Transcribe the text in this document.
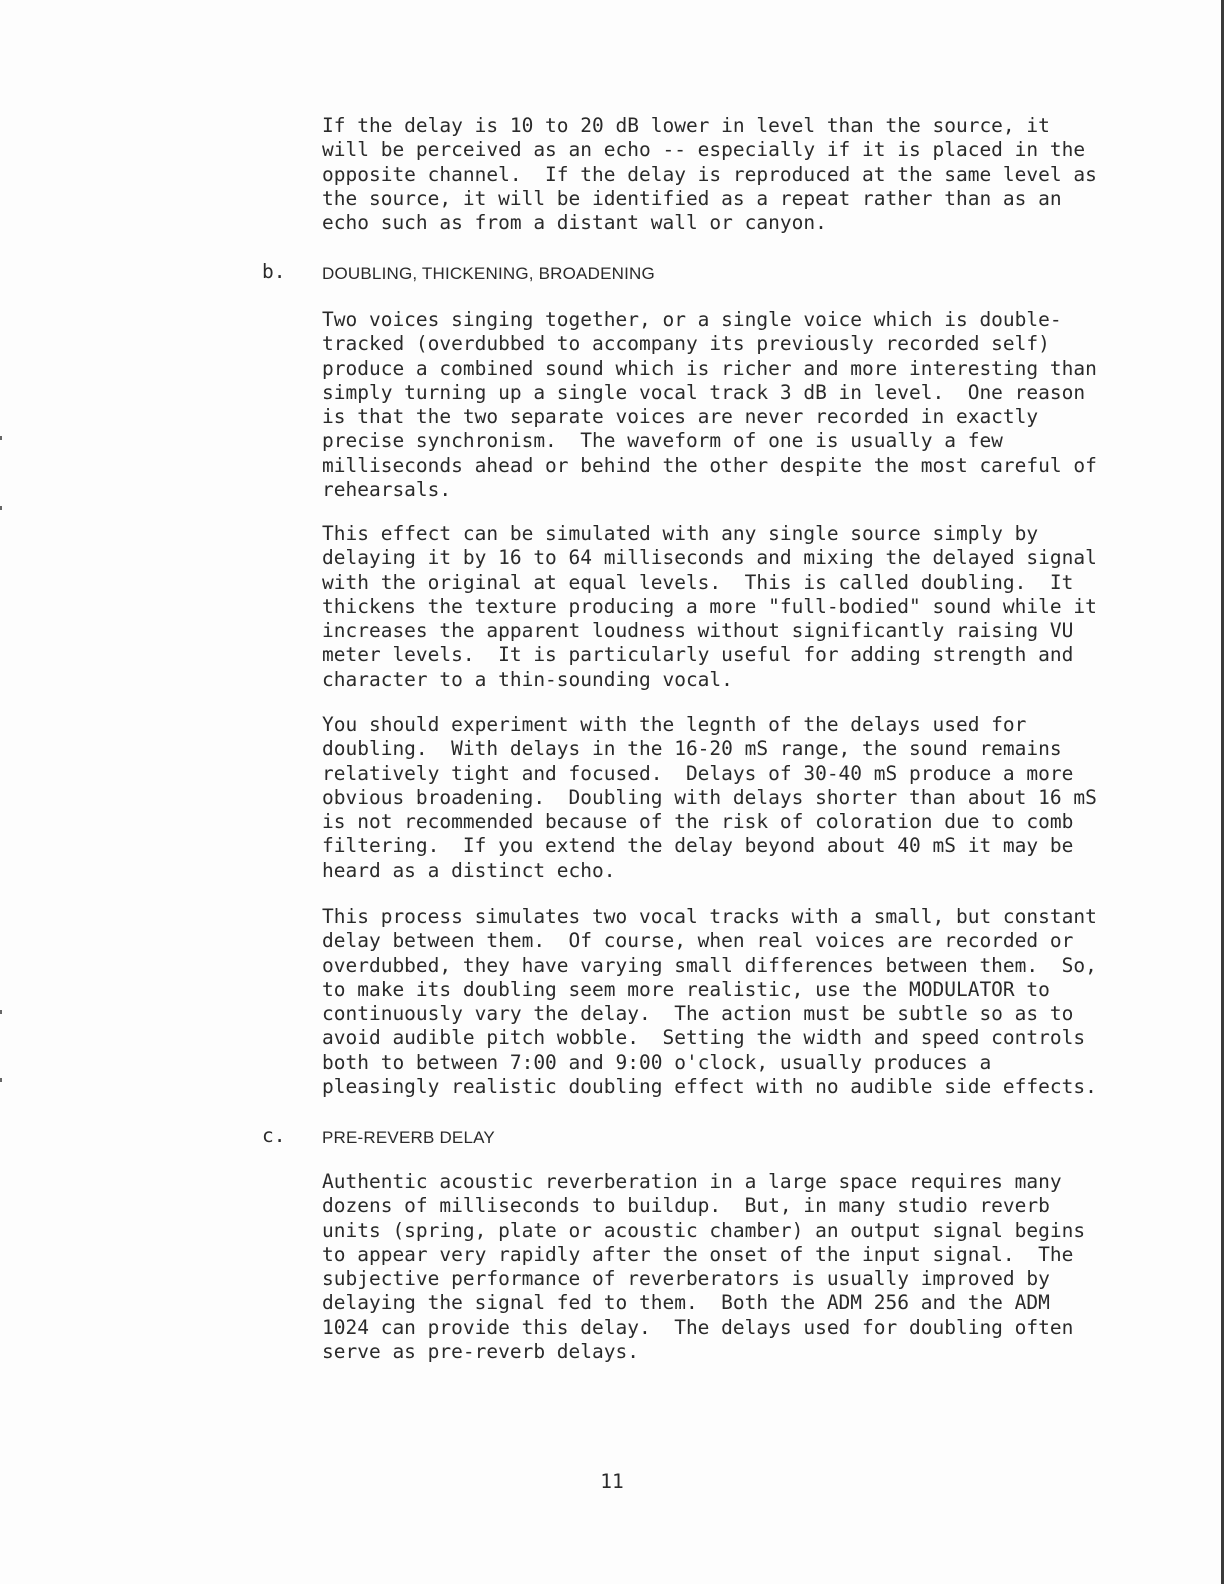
If the delay is 10 to 20 dB lower in level than the source, it
will be perceived as an echo -- especially if it is placed in the
opposite channel.  If the delay is reproduced at the same level as
the source, it will be identified as a repeat rather than as an
echo such as from a distant wall or canyon.

b. DOUBLING, THICKENING, BROADENING

Two voices singing together, or a single voice which is double-
tracked (overdubbed to accompany its previously recorded self)
produce a combined sound which is richer and more interesting than
simply turning up a single vocal track 3 dB in level.  One reason
is that the two separate voices are never recorded in exactly
precise synchronism.  The waveform of one is usually a few
milliseconds ahead or behind the other despite the most careful of
rehearsals.

This effect can be simulated with any single source simply by
delaying it by 16 to 64 milliseconds and mixing the delayed signal
with the original at equal levels.  This is called doubling.  It
thickens the texture producing a more "full-bodied" sound while it
increases the apparent loudness without significantly raising VU
meter levels.  It is particularly useful for adding strength and
character to a thin-sounding vocal.

You should experiment with the legnth of the delays used for
doubling.  With delays in the 16-20 mS range, the sound remains
relatively tight and focused.  Delays of 30-40 mS produce a more
obvious broadening.  Doubling with delays shorter than about 16 mS
is not recommended because of the risk of coloration due to comb
filtering.  If you extend the delay beyond about 40 mS it may be
heard as a distinct echo.

This process simulates two vocal tracks with a small, but constant
delay between them.  Of course, when real voices are recorded or
overdubbed, they have varying small differences between them.  So,
to make its doubling seem more realistic, use the MODULATOR to
continuously vary the delay.  The action must be subtle so as to
avoid audible pitch wobble.  Setting the width and speed controls
both to between 7:00 and 9:00 o'clock, usually produces a
pleasingly realistic doubling effect with no audible side effects.

c. PRE-REVERB DELAY

Authentic acoustic reverberation in a large space requires many
dozens of milliseconds to buildup.  But, in many studio reverb
units (spring, plate or acoustic chamber) an output signal begins
to appear very rapidly after the onset of the input signal.  The
subjective performance of reverberators is usually improved by
delaying the signal fed to them.  Both the ADM 256 and the ADM
1024 can provide this delay.  The delays used for doubling often
serve as pre-reverb delays.

11
